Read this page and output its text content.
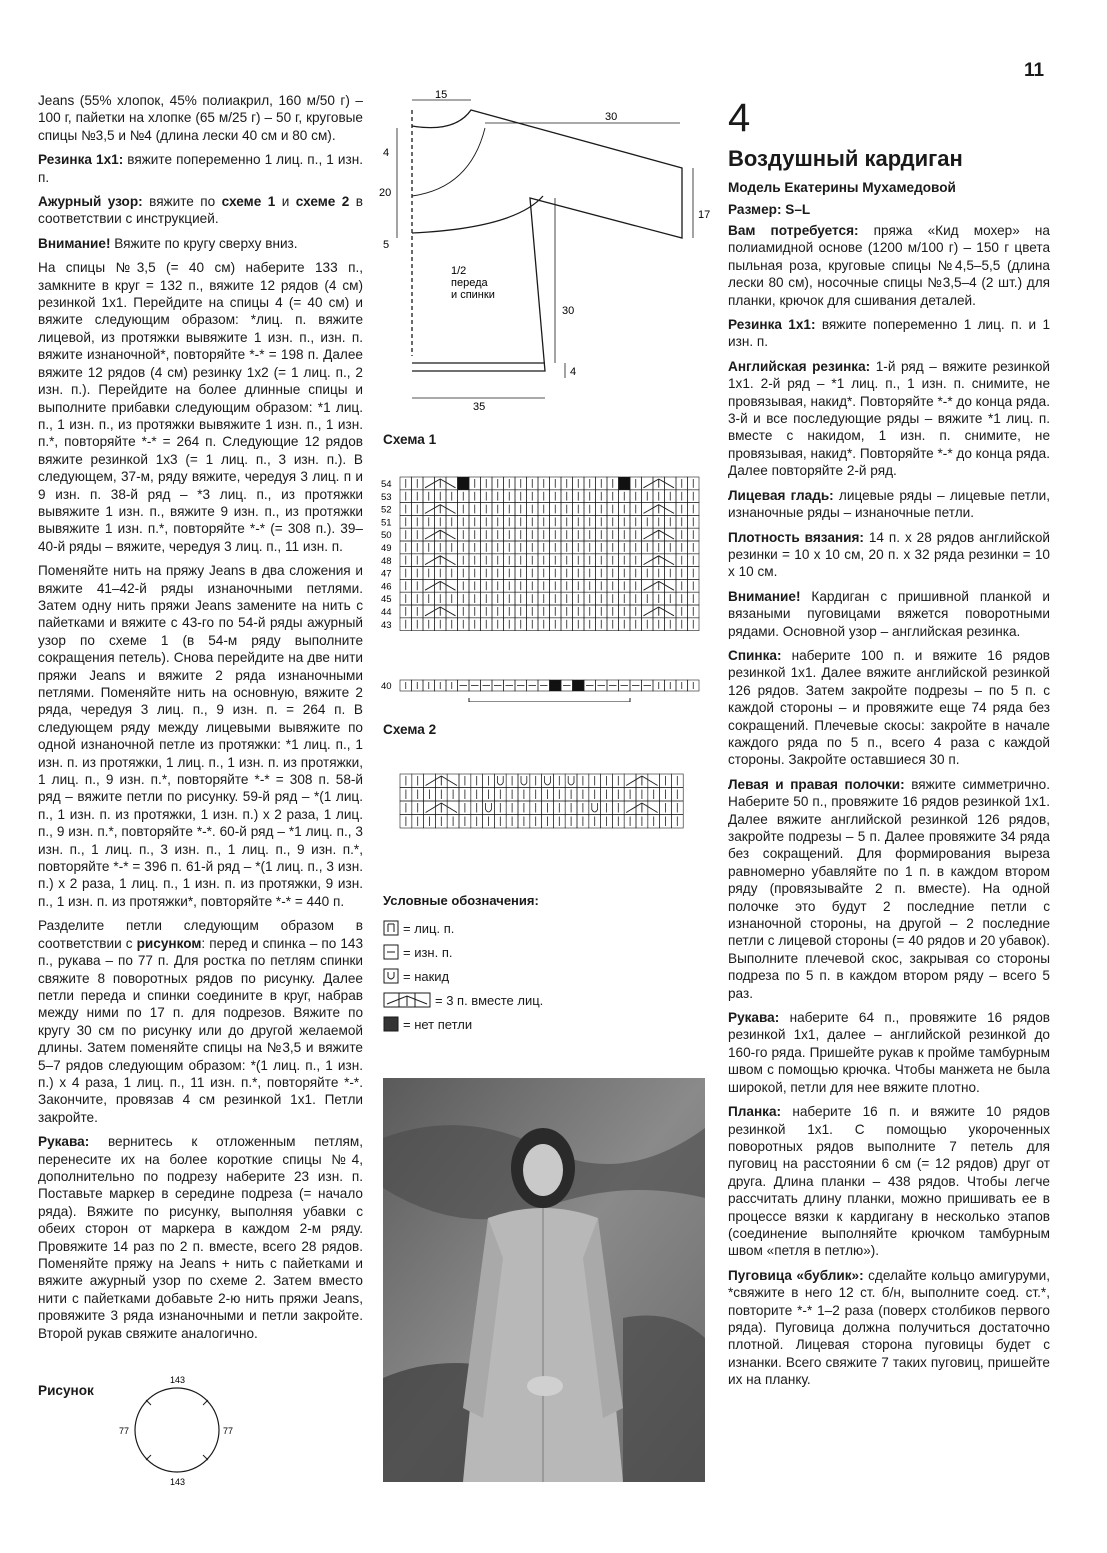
11

Jeans (55% хлопок, 45% полиакрил, 160 м/50 г) – 100 г, пайетки на хлопке (65 м/25 г) – 50 г, круговые спицы №3,5 и №4 (длина лески 40 см и 80 см).

Резинка 1х1: вяжите попеременно 1 лиц. п., 1 изн. п.

Ажурный узор: вяжите по схеме 1 и схеме 2 в соответствии с инструкцией.

Внимание! Вяжите по кругу сверху вниз.

На спицы №3,5 (= 40 см) наберите 133 п., замкните в круг = 132 п., вяжите 12 рядов (4 см) резинкой 1х1. Перейдите на спицы 4 (= 40 см) и вяжите следующим образом: *лиц. п. вяжите лицевой, из протяжки вывяжите 1 изн. п., изн. п. вяжите изнаночной*, повторяйте *-* = 198 п. Далее вяжите 12 рядов (4 см) резинку 1х2 (= 1 лиц. п., 2 изн. п.). Перейдите на более длинные спицы и выполните прибавки следующим образом: *1 лиц. п., 1 изн. п., из протяжки вывяжите 1 изн. п., 1 изн. п.*, повторяйте *-* = 264 п. Следующие 12 рядов вяжите резинкой 1х3 (= 1 лиц. п., 3 изн. п.). В следующем, 37-м, ряду вяжите, чередуя 3 лиц. п и 9 изн. п. 38-й ряд – *3 лиц. п., из протяжки вывяжите 1 изн. п., вяжите 9 изн. п., из протяжки вывяжите 1 изн. п.*, повторяйте *-* (= 308 п.). 39–40-й ряды – вяжите, чередуя 3 лиц. п., 11 изн. п.

Поменяйте нить на пряжу Jeans в два сложения и вяжите 41–42-й ряды изнаночными петлями. Затем одну нить пряжи Jeans замените на нить с пайетками и вяжите с 43-го по 54-й ряды ажурный узор по схеме 1 (в 54-м ряду выполните сокращения петель). Снова перейдите на две нити пряжи Jeans и вяжите 2 ряда изнаночными петлями. Поменяйте нить на основную, вяжите 2 ряда, чередуя 3 лиц. п., 9 изн. п. = 264 п. В следующем ряду между лицевыми вывяжите по одной изнаночной петле из протяжки: *1 лиц. п., 1 изн. п. из протяжки, 1 лиц. п., 1 изн. п. из протяжки, 1 лиц. п., 9 изн. п.*, повторяйте *-* = 308 п. 58-й ряд – вяжите петли по рисунку. 59-й ряд – *(1 лиц. п., 1 изн. п. из протяжки, 1 изн. п.) х 2 раза, 1 лиц. п., 9 изн. п.*, повторяйте *-*. 60-й ряд – *1 лиц. п., 3 изн. п., 1 лиц. п., 3 изн. п., 1 лиц. п., 9 изн. п.*, повторяйте *-* = 396 п. 61-й ряд – *(1 лиц. п., 3 изн. п.) х 2 раза, 1 лиц. п., 1 изн. п. из протяжки, 9 изн. п., 1 изн. п. из протяжки*, повторяйте *-* = 440 п.

Разделите петли следующим образом в соответствии с рисунком: перед и спинка – по 143 п., рукава – по 77 п. Для ростка по петлям спинки свяжите 8 поворотных рядов по рисунку. Далее петли переда и спинки соедините в круг, набрав между ними по 17 п. для подрезов. Вяжите по кругу 30 см по рисунку или до другой желаемой длины. Затем поменяйте спицы на №3,5 и вяжите 5–7 рядов следующим образом: *(1 лиц. п., 1 изн. п.) х 4 раза, 1 лиц. п., 11 изн. п.*, повторяйте *-*. Закончите, провязав 4 см резинкой 1х1. Петли закройте.

Рукава: вернитесь к отложенным петлям, перенесите их на более короткие спицы №4, дополнительно по подрезу наберите 23 изн. п. Поставьте маркер в середине подреза (= начало ряда). Вяжите по рисунку, выполняя убавки с обеих сторон от маркера в каждом 2-м ряду. Провяжите 14 раз по 2 п. вместе, всего 28 рядов. Поменяйте пряжу на Jeans + нить с пайетками и вяжите ажурный узор по схеме 2. Затем вместо нити с пайетками добавьте 2-ю нить пряжи Jeans, провяжите 3 ряда изнаночными и петли закройте. Второй рукав свяжите аналогично.

Рисунок
143
143
77	77
15
30
4
20
5
17
30
4
35
1/2
переда
и спинки
Схема 1
54
53
52
51
50
49
48
47
46
45
44
43
40
Схема 2
Условные обозначения:
= лиц. п.
= изн. п.
= накид
= 3 п. вместе лиц.
= нет петли
4
Воздушный кардиган
Модель Екатерины Мухамедовой
Размер: S–L

Вам потребуется: пряжа «Кид мохер» на полиамидной основе (1200 м/100 г) – 150 г цвета пыльная роза, круговые спицы №4,5–5,5 (длина лески 80 см), носочные спицы №3,5–4 (2 шт.) для планки, крючок для сшивания деталей.

Резинка 1х1: вяжите попеременно 1 лиц. п. и 1 изн. п.

Английская резинка: 1-й ряд – вяжите резинкой 1х1. 2-й ряд – *1 лиц. п., 1 изн. п. снимите, не провязывая, накид*. Повторяйте *-* до конца ряда. 3-й и все последующие ряды – вяжите *1 лиц. п. вместе с накидом, 1 изн. п. снимите, не провязывая, накид*. Повторяйте *-* до конца ряда. Далее повторяйте 2-й ряд.

Лицевая гладь: лицевые ряды – лицевые петли, изнаночные ряды – изнаночные петли.

Плотность вязания: 14 п. х 28 рядов английской резинки = 10 х 10 см, 20 п. х 32 ряда резинки = 10 х 10 см.

Внимание! Кардиган с пришивной планкой и вязаными пуговицами вяжется поворотными рядами. Основной узор – английская резинка.

Спинка: наберите 100 п. и вяжите 16 рядов резинкой 1х1. Далее вяжите английской резинкой 126 рядов. Затем закройте подрезы – по 5 п. с каждой стороны – и провяжите еще 74 ряда без сокращений. Плечевые скосы: закройте в начале каждого ряда по 5 п., всего 4 раза с каждой стороны. Закройте оставшиеся 30 п.

Левая и правая полочки: вяжите симметрично. Наберите 50 п., провяжите 16 рядов резинкой 1х1. Далее вяжите английской резинкой 126 рядов, закройте подрезы – 5 п. Далее провяжите 34 ряда без сокращений. Для формирования выреза равномерно убавляйте по 1 п. в каждом втором ряду (провязывайте 2 п. вместе). На одной полочке это будут 2 последние петли с изнаночной стороны, на другой – 2 последние петли с лицевой стороны (= 40 рядов и 20 убавок). Выполните плечевой скос, закрывая со стороны подреза по 5 п. в каждом втором ряду – всего 5 раз.

Рукава: наберите 64 п., провяжите 16 рядов резинкой 1х1, далее – английской резинкой до 160-го ряда. Пришейте рукав к пройме тамбурным швом с помощью крючка. Чтобы манжета не была широкой, петли для нее вяжите плотно.

Планка: наберите 16 п. и вяжите 10 рядов резинкой 1х1. С помощью укороченных поворотных рядов выполните 7 петель для пуговиц на расстоянии 6 см (= 12 рядов) друг от друга. Длина планки – 438 рядов. Чтобы легче рассчитать длину планки, можно пришивать ее в процессе вязки к кардигану в несколько этапов (соединение выполняйте крючком тамбурным швом «петля в петлю»).

Пуговица «бублик»: сделайте кольцо амигуруми, *свяжите в него 12 ст. б/н, выполните соед. ст.*, повторите *-* 1–2 раза (поверх столбиков первого ряда). Пуговица должна получиться достаточно плотной. Лицевая сторона пуговицы будет с изнанки. Всего свяжите 7 таких пуговиц, пришейте их на планку.
